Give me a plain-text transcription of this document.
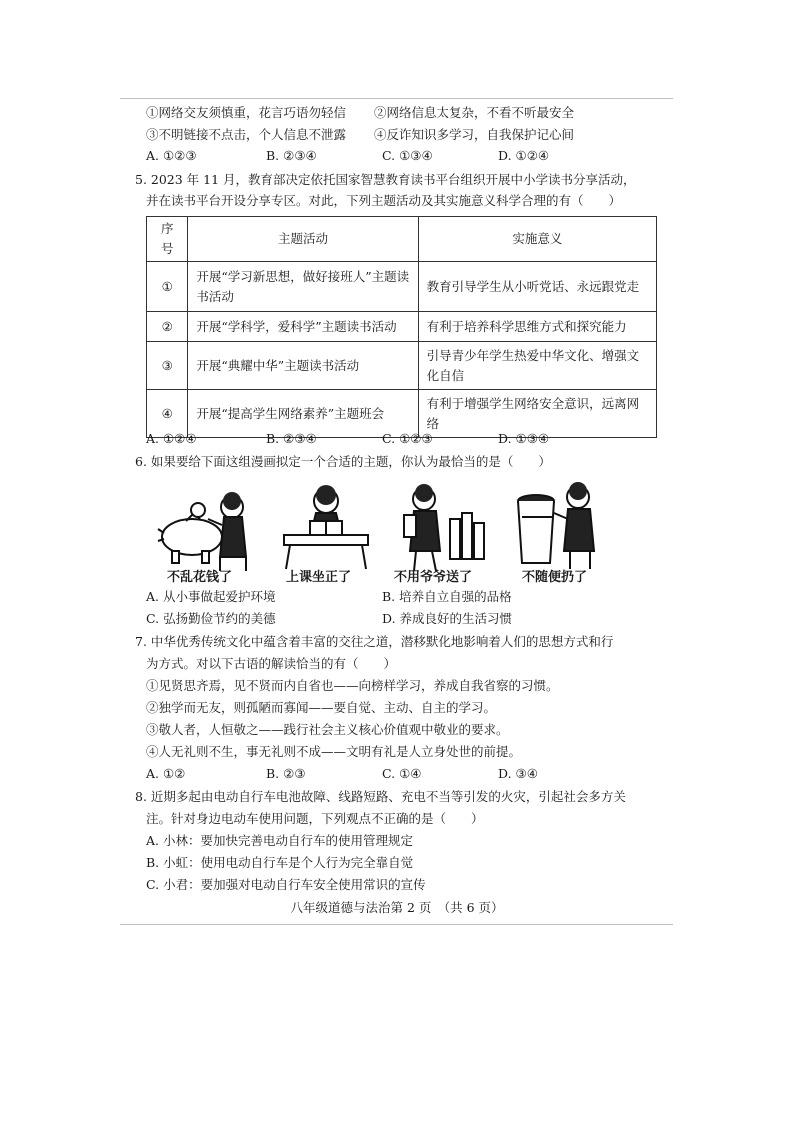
①网络交友须慎重，花言巧语勿轻信 ②网络信息太复杂，不看不听最安全
③不明链接不点击，个人信息不泄露 ④反诈知识多学习，自我保护记心间
A. ①②③	B. ②③④	C. ①③④	D. ①②④
5. 2023 年 11 月，教育部决定依托国家智慧教育读书平台组织开展中小学读书分享活动，
并在读书平台开设分享专区。对此，下列主题活动及其实施意义科学合理的有（　　）
序号	主题活动	实施意义
①	开展“学习新思想，做好接班人”主题读书活动	教育引导学生从小听党话、永远跟党走
②	开展“学科学，爱科学”主题读书活动	有利于培养科学思维方式和探究能力
③	开展“典耀中华”主题读书活动	引导青少年学生热爱中华文化、增强文化自信
④	开展“提高学生网络素养”主题班会	有利于增强学生网络安全意识，远离网络
A. ①②④	B. ②③④	C. ①②③	D. ①③④
6. 如果要给下面这组漫画拟定一个合适的主题，你认为最恰当的是（　　）
不乱花钱了	上课坐正了	不用爷爷送了	不随便扔了
A. 从小事做起爱护环境	B. 培养自立自强的品格
C. 弘扬勤俭节约的美德	D. 养成良好的生活习惯
7. 中华优秀传统文化中蕴含着丰富的交往之道，潜移默化地影响着人们的思想方式和行
为方式。对以下古语的解读恰当的有（　　）
①见贤思齐焉，见不贤而内自省也——向榜样学习，养成自我省察的习惯。
②独学而无友，则孤陋而寡闻——要自觉、主动、自主的学习。
③敬人者，人恒敬之——践行社会主义核心价值观中敬业的要求。
④人无礼则不生，事无礼则不成——文明有礼是人立身处世的前提。
A. ①②	B. ②③	C. ①④	D. ③④
8. 近期多起由电动自行车电池故障、线路短路、充电不当等引发的火灾，引起社会多方关
注。针对身边电动车使用问题，下列观点不正确的是（　　）
A. 小林：要加快完善电动自行车的使用管理规定
B. 小虹：使用电动自行车是个人行为完全靠自觉
C. 小君：要加强对电动自行车安全使用常识的宣传
八年级道德与法治第 2 页　（共 6 页）
